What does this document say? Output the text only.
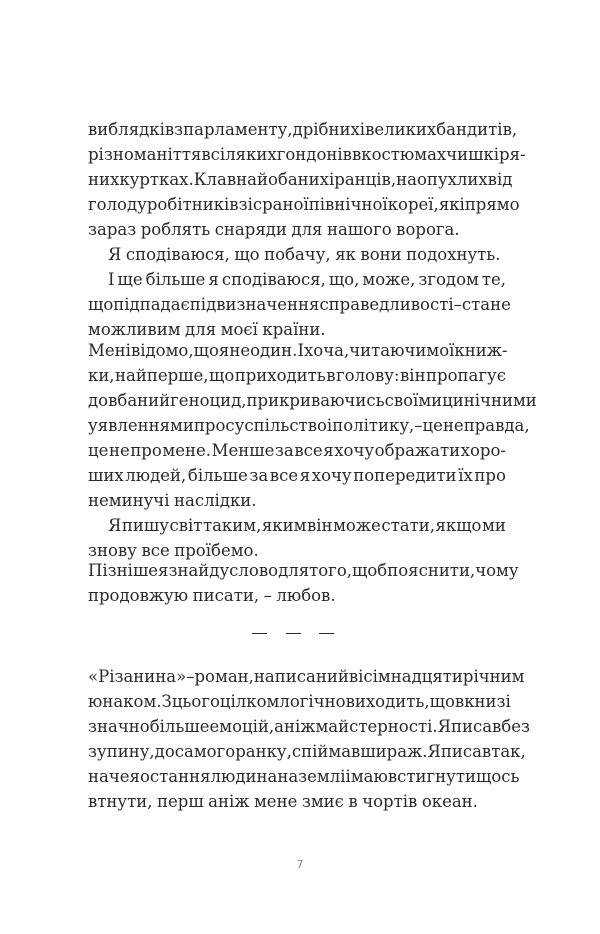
виблядків з парламенту, дрібних і великих бандитів,
різноманіття всіляких гондонів в костюмах чи шкіря-
них куртках. Клав на йобаних іранців, на опухлих від
голоду робітників зі сраної північної кореї, які прямо
зараз роблять снаряди для нашого ворога.
Я сподіваюся, що побачу, як вони подохнуть.
І ще більше я сподіваюся, що, може, згодом те,
що підпадає під визначення справедливості – стане
можливим для моєї країни.
Мені відомо, що я не один. І хоча, читаючи мої книж-
ки, найперше, що приходить в голову: він пропагує
довбаний геноцид, прикриваючись своїми цинічними
уявленнями про суспільство і політику, – це не правда,
це не про мене. Менше за все я хочу ображати хоро-
ших людей, більше за все я хочу попередити їх про
неминучі наслідки.
Я пишу світ таким, яким він може стати, якщо ми
знову все проїбемо.
Пізніше я знайду слово для того, щоб пояснити, чому
продовжую писати, – любов.
«Різанина» – роман, написаний вісімнадцятирічним
юнаком. З цього цілком логічно виходить, що в книзі
значно більше емоцій, аніж майстерності. Я писав без
зупину, до самого ранку, спіймавши раж. Я писав так,
наче я остання людина на землі і маю встигнути щось
втнути, перш аніж мене змиє в чортів океан.
7
